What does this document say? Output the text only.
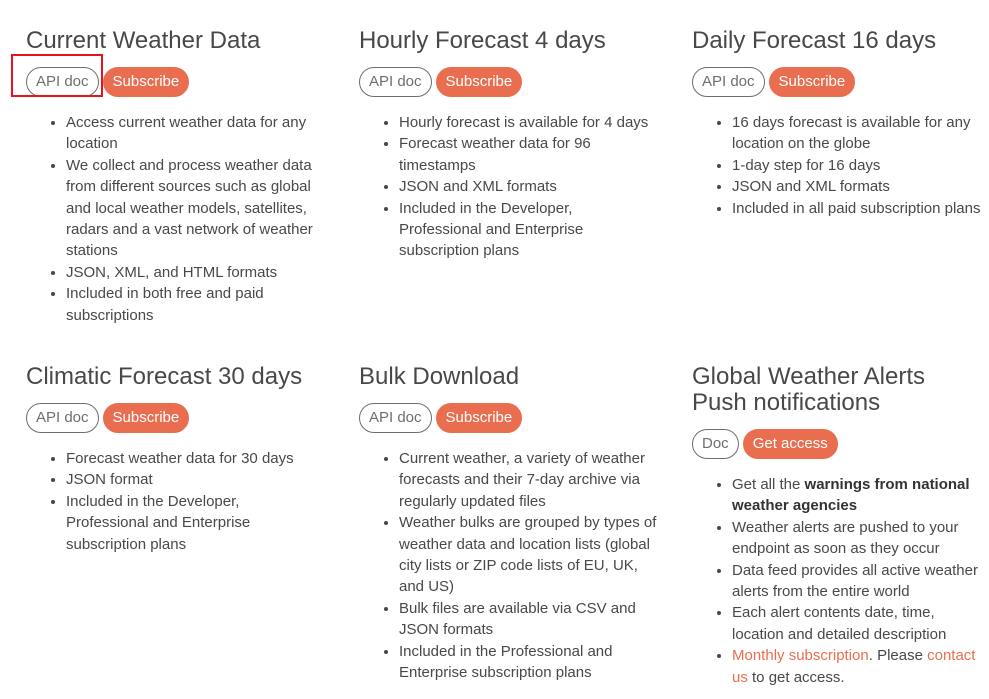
Current Weather Data
API doc	Subscribe
• Access current weather data for any location
• We collect and process weather data from different sources such as global and local weather models, satellites, radars and a vast network of weather stations
• JSON, XML, and HTML formats
• Included in both free and paid subscriptions
Hourly Forecast 4 days
API doc	Subscribe
• Hourly forecast is available for 4 days
• Forecast weather data for 96 timestamps
• JSON and XML formats
• Included in the Developer, Professional and Enterprise subscription plans
Daily Forecast 16 days
API doc	Subscribe
• 16 days forecast is available for any location on the globe
• 1-day step for 16 days
• JSON and XML formats
• Included in all paid subscription plans
Climatic Forecast 30 days
API doc	Subscribe
• Forecast weather data for 30 days
• JSON format
• Included in the Developer, Professional and Enterprise subscription plans
Bulk Download
API doc	Subscribe
• Current weather, a variety of weather forecasts and their 7-day archive via regularly updated files
• Weather bulks are grouped by types of weather data and location lists (global city lists or ZIP code lists of EU, UK, and US)
• Bulk files are available via CSV and JSON formats
• Included in the Professional and Enterprise subscription plans
Global Weather Alerts
Push notifications
Doc	Get access
• Get all the warnings from national weather agencies
• Weather alerts are pushed to your endpoint as soon as they occur
• Data feed provides all active weather alerts from the entire world
• Each alert contents date, time, location and detailed description
• Monthly subscription. Please contact us to get access.
